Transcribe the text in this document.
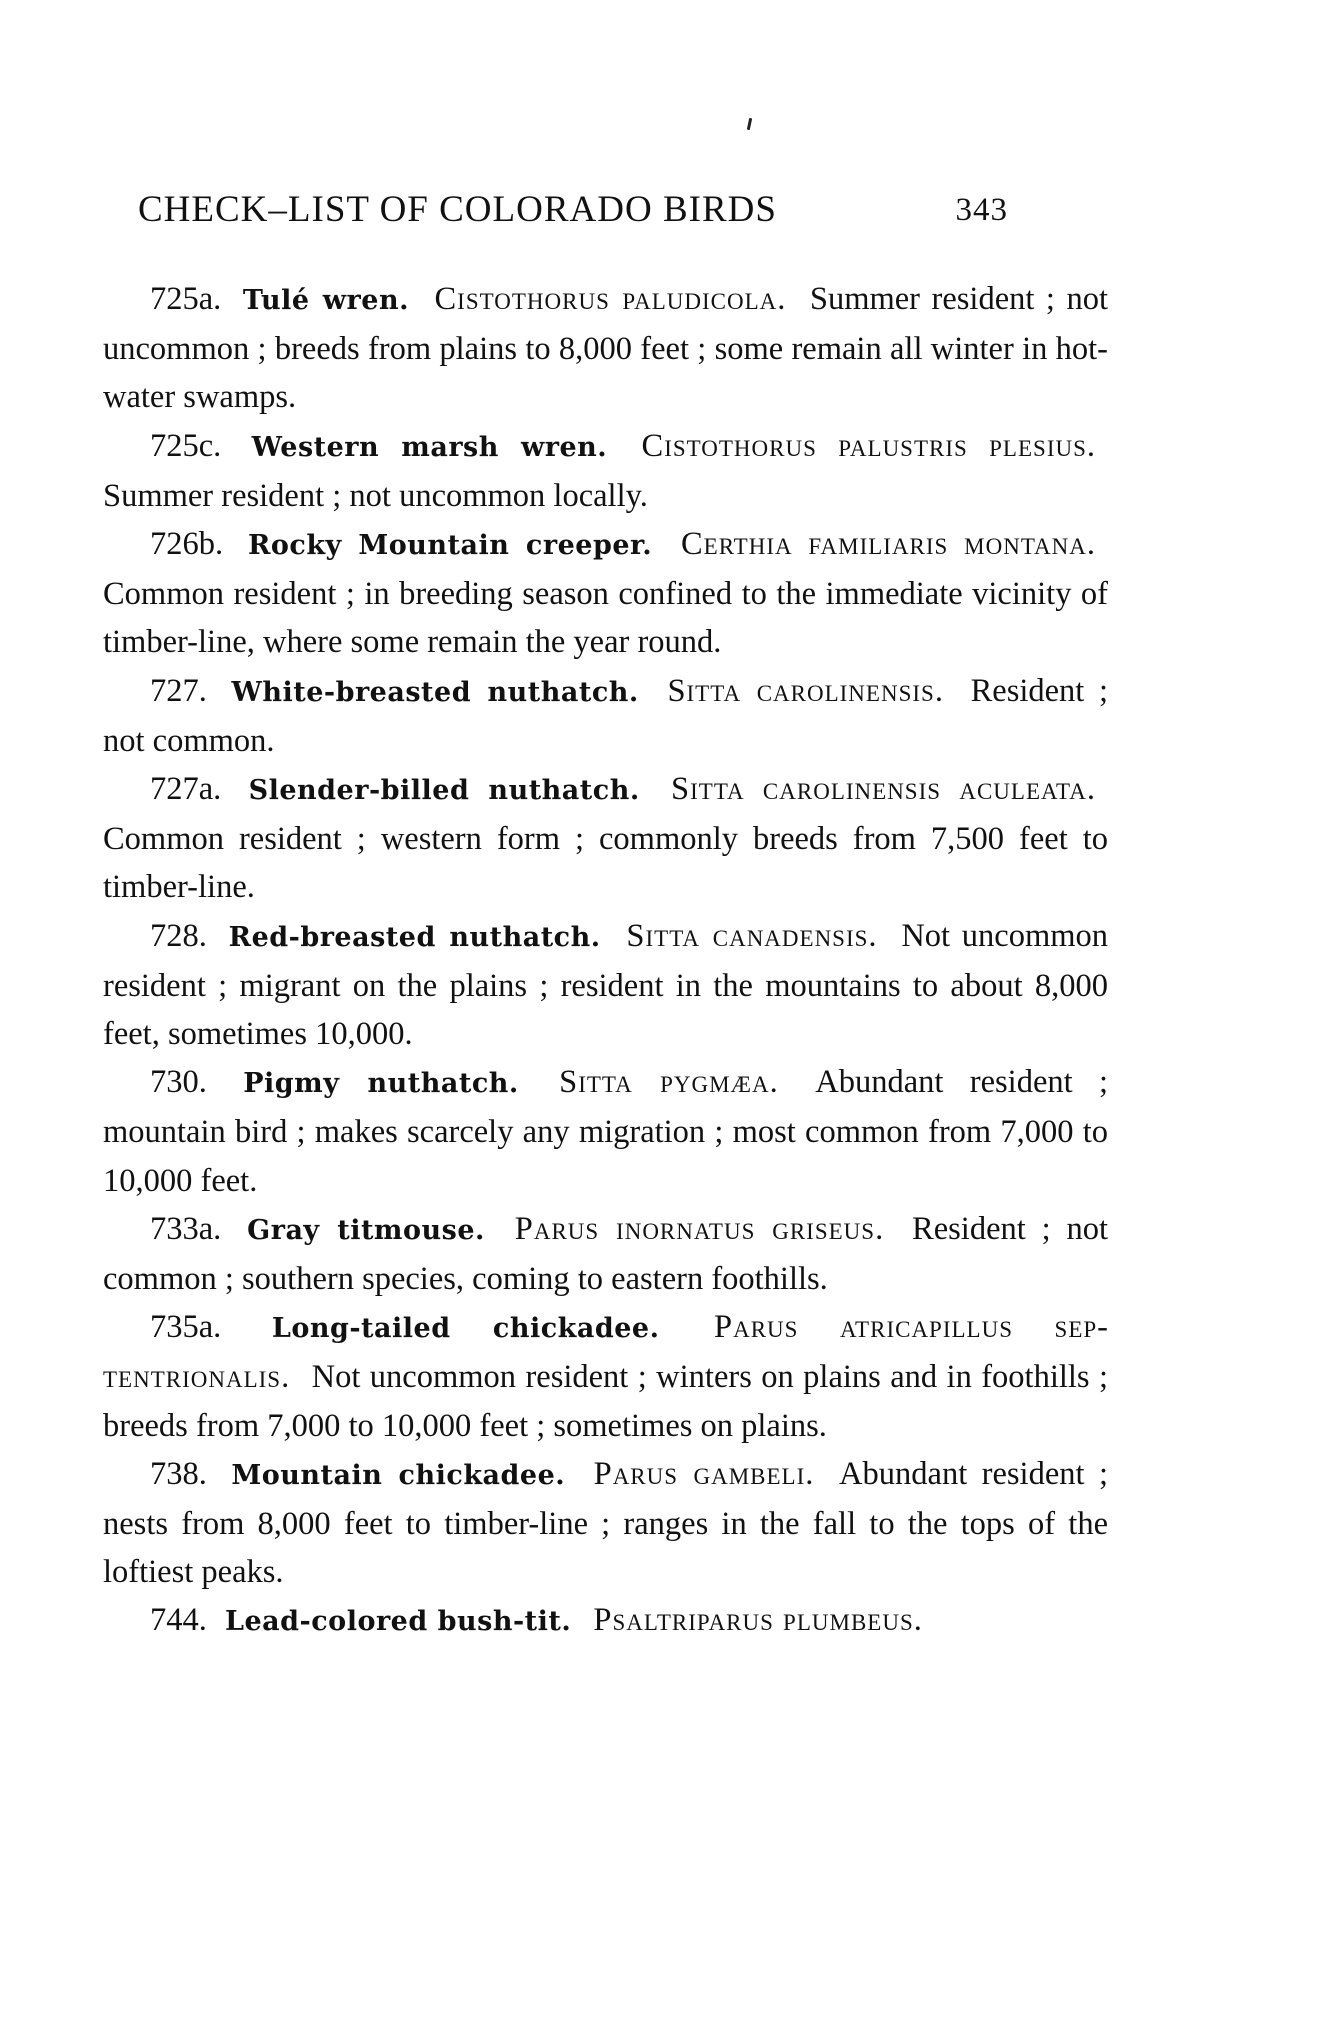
CHECK–LIST OF COLORADO BIRDS	343

725a. Tulé wren. Cistothorus paludicola. Summer resident ; not uncommon ; breeds from plains to 8,000 feet ; some remain all winter in hot-water swamps.

725c. Western marsh wren. Cistothorus palustris plesius. Summer resident ; not uncommon locally.

726b. Rocky Mountain creeper. Certhia familiaris montana. Common resident ; in breeding season confined to the immediate vicinity of timber-line, where some remain the year round.

727. White-breasted nuthatch. Sitta carolinensis. Resident ; not common.

727a. Slender-billed nuthatch. Sitta carolinensis aculeata. Common resident ; western form ; commonly breeds from 7,500 feet to timber-line.

728. Red-breasted nuthatch. Sitta canadensis. Not uncommon resident ; migrant on the plains ; resident in the mountains to about 8,000 feet, sometimes 10,000.

730. Pigmy nuthatch. Sitta pygmæa. Abundant resident ; mountain bird ; makes scarcely any migration ; most common from 7,000 to 10,000 feet.

733a. Gray titmouse. Parus inornatus griseus. Resident ; not common ; southern species, coming to eastern foothills.

735a. Long-tailed chickadee. Parus atricapillus septentrionalis. Not uncommon resident ; winters on plains and in foothills ; breeds from 7,000 to 10,000 feet ; sometimes on plains.

738. Mountain chickadee. Parus gambeli. Abundant resident ; nests from 8,000 feet to timber-line ; ranges in the fall to the tops of the loftiest peaks.

744. Lead-colored bush-tit. Psaltriparus plumbeus.
